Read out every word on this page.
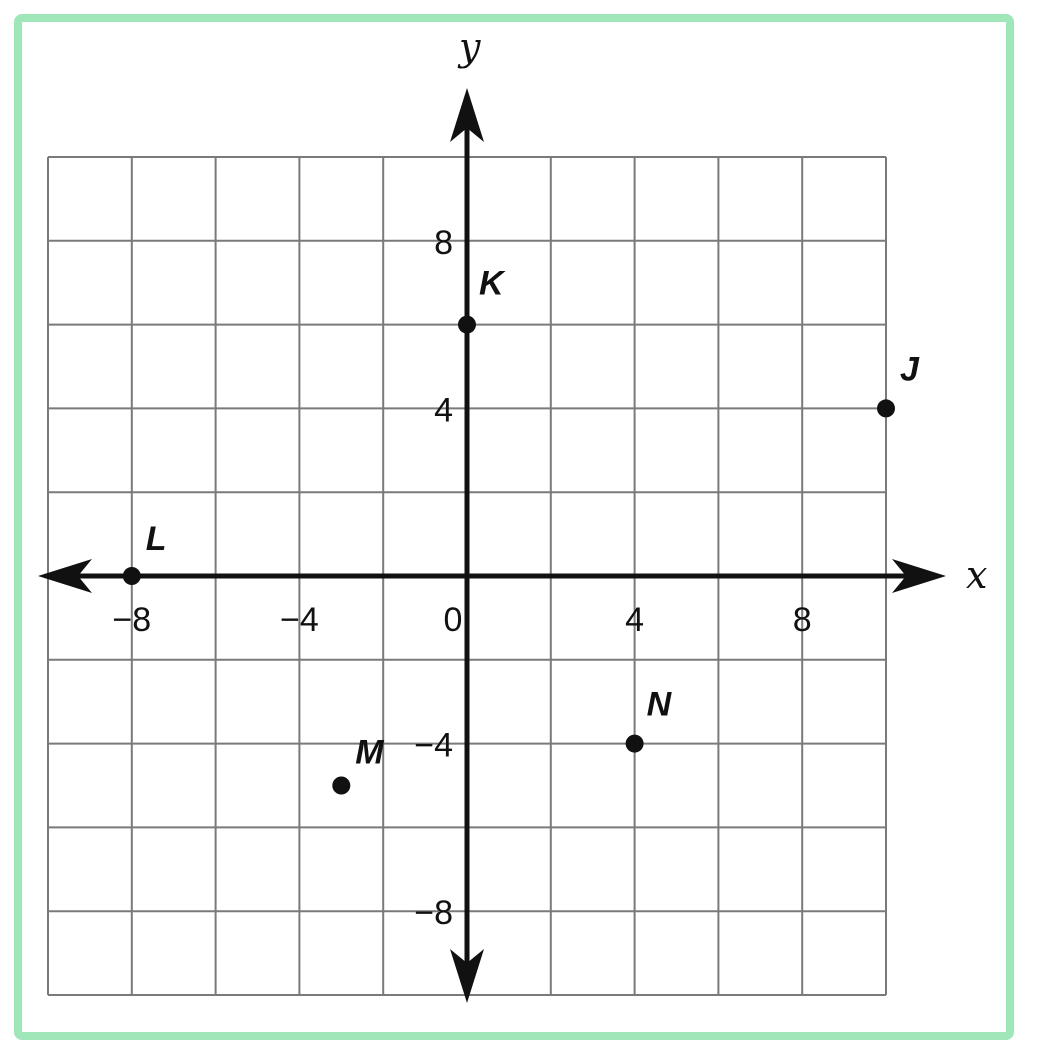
−8	−4	0	4	8
8
4
−4
−8
J
K
L
M
N
x
y
